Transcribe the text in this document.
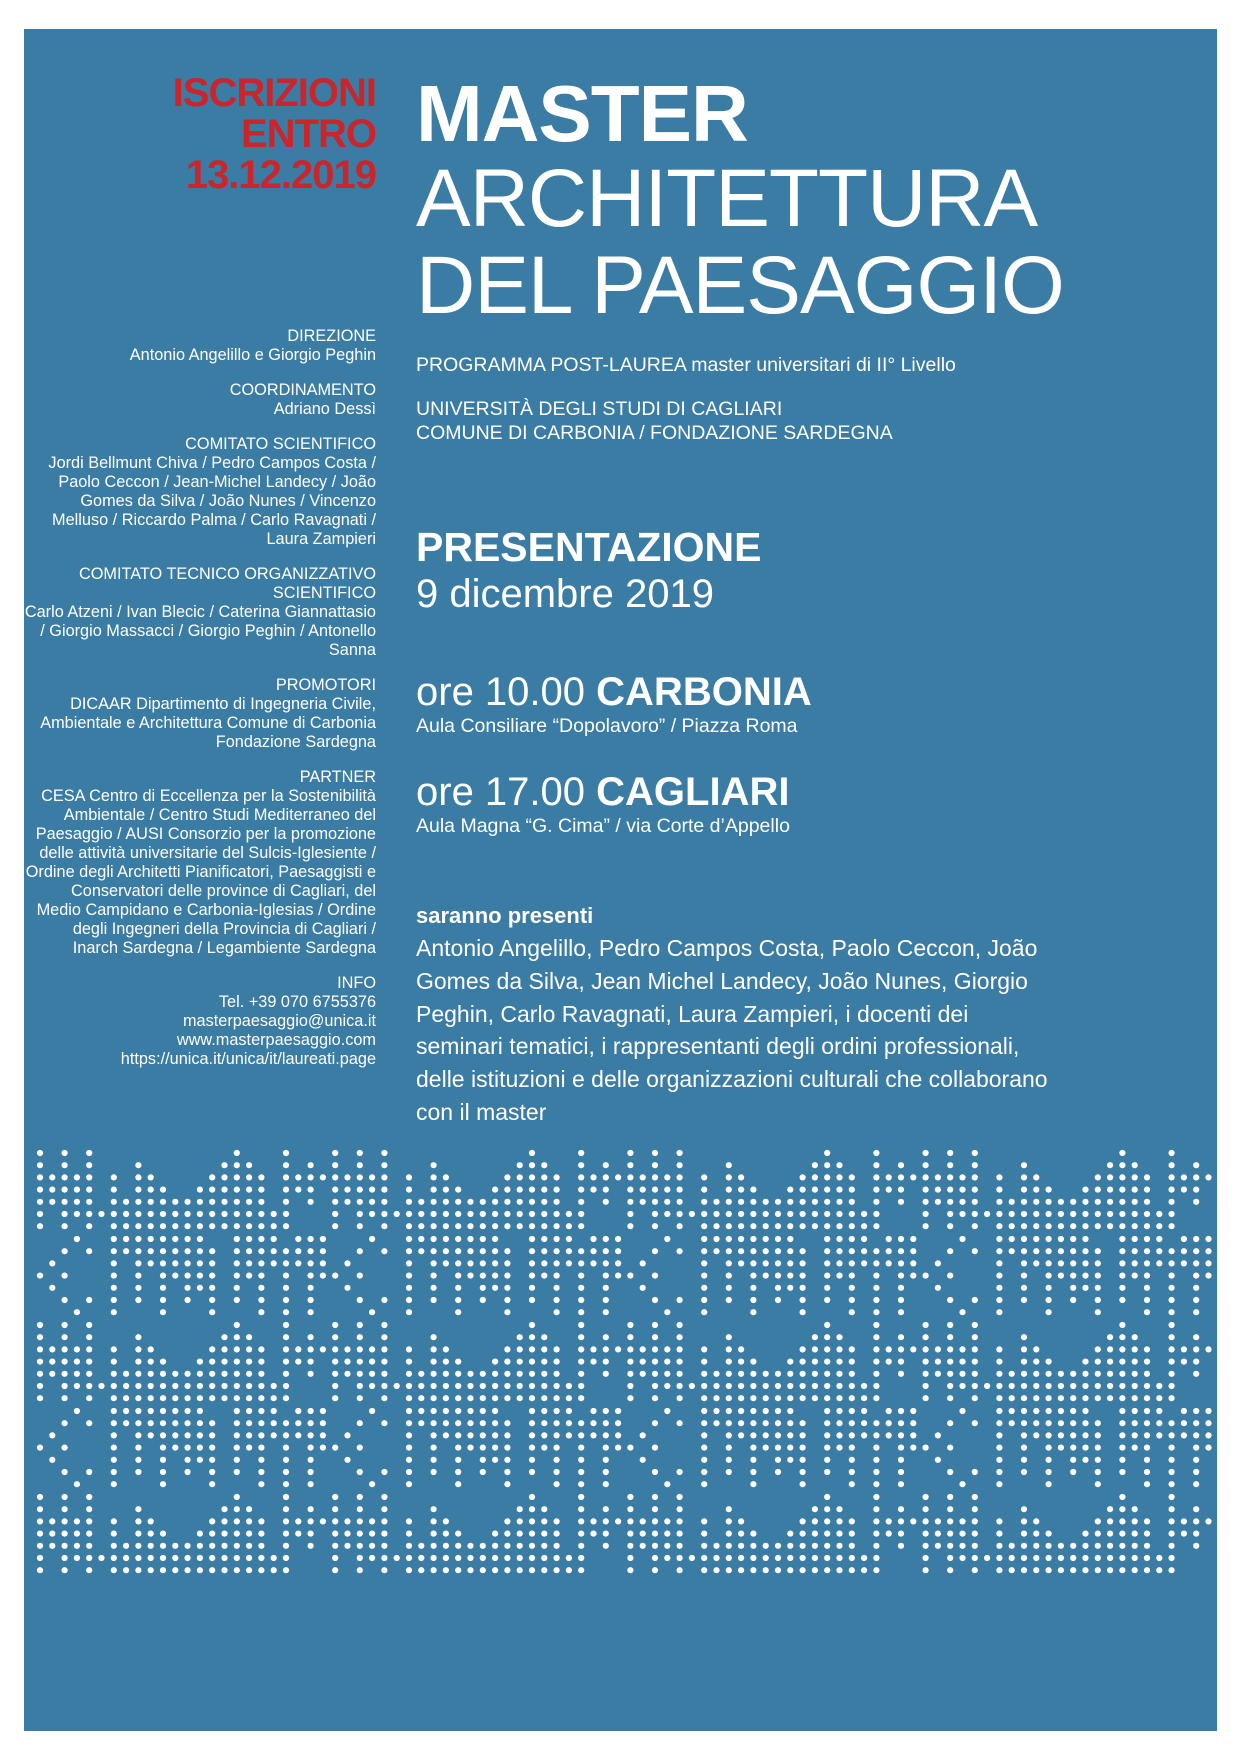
ISCRIZIONI
ENTRO
13.12.2019
DIREZIONE
Antonio Angelillo e Giorgio Peghin
COORDINAMENTO
Adriano Dessì
COMITATO SCIENTIFICO
Jordi Bellmunt Chiva / Pedro Campos Costa / Paolo Ceccon / Jean-Michel Landecy / João Gomes da Silva / João Nunes / Vincenzo Melluso / Riccardo Palma / Carlo Ravagnati / Laura Zampieri
COMITATO TECNICO ORGANIZZATIVO SCIENTIFICO
Carlo Atzeni / Ivan Blecic / Caterina Giannattasio / Giorgio Massacci / Giorgio Peghin / Antonello Sanna
PROMOTORI
DICAAR Dipartimento di Ingegneria Civile, Ambientale e Architettura Comune di Carbonia Fondazione Sardegna
PARTNER
CESA Centro di Eccellenza per la Sostenibilità Ambientale / Centro Studi Mediterraneo del Paesaggio / AUSI Consorzio per la promozione delle attività universitarie del Sulcis-Iglesiente / Ordine degli Architetti Pianificatori, Paesaggisti e Conservatori delle province di Cagliari, del Medio Campidano e Carbonia-Iglesias / Ordine degli Ingegneri della Provincia di Cagliari / Inarch Sardegna / Legambiente Sardegna
INFO
Tel. +39 070 6755376
masterpaesaggio@unica.it
www.masterpaesaggio.com
https://unica.it/unica/it/laureati.page
MASTER
ARCHITETTURA
DEL PAESAGGIO
PROGRAMMA POST-LAUREA master universitari di II° Livello
UNIVERSITÀ DEGLI STUDI DI CAGLIARI
COMUNE DI CARBONIA / FONDAZIONE SARDEGNA
PRESENTAZIONE
9 dicembre 2019
ore 10.00 CARBONIA
Aula Consiliare “Dopolavoro” / Piazza Roma
ore 17.00 CAGLIARI
Aula Magna “G. Cima” / via Corte d’Appello
saranno presenti
Antonio Angelillo, Pedro Campos Costa, Paolo Ceccon, João Gomes da Silva, Jean Michel Landecy, João Nunes, Giorgio Peghin, Carlo Ravagnati, Laura Zampieri, i docenti dei seminari tematici, i rappresentanti degli ordini professionali, delle istituzioni e delle organizzazioni culturali che collaborano con il master
